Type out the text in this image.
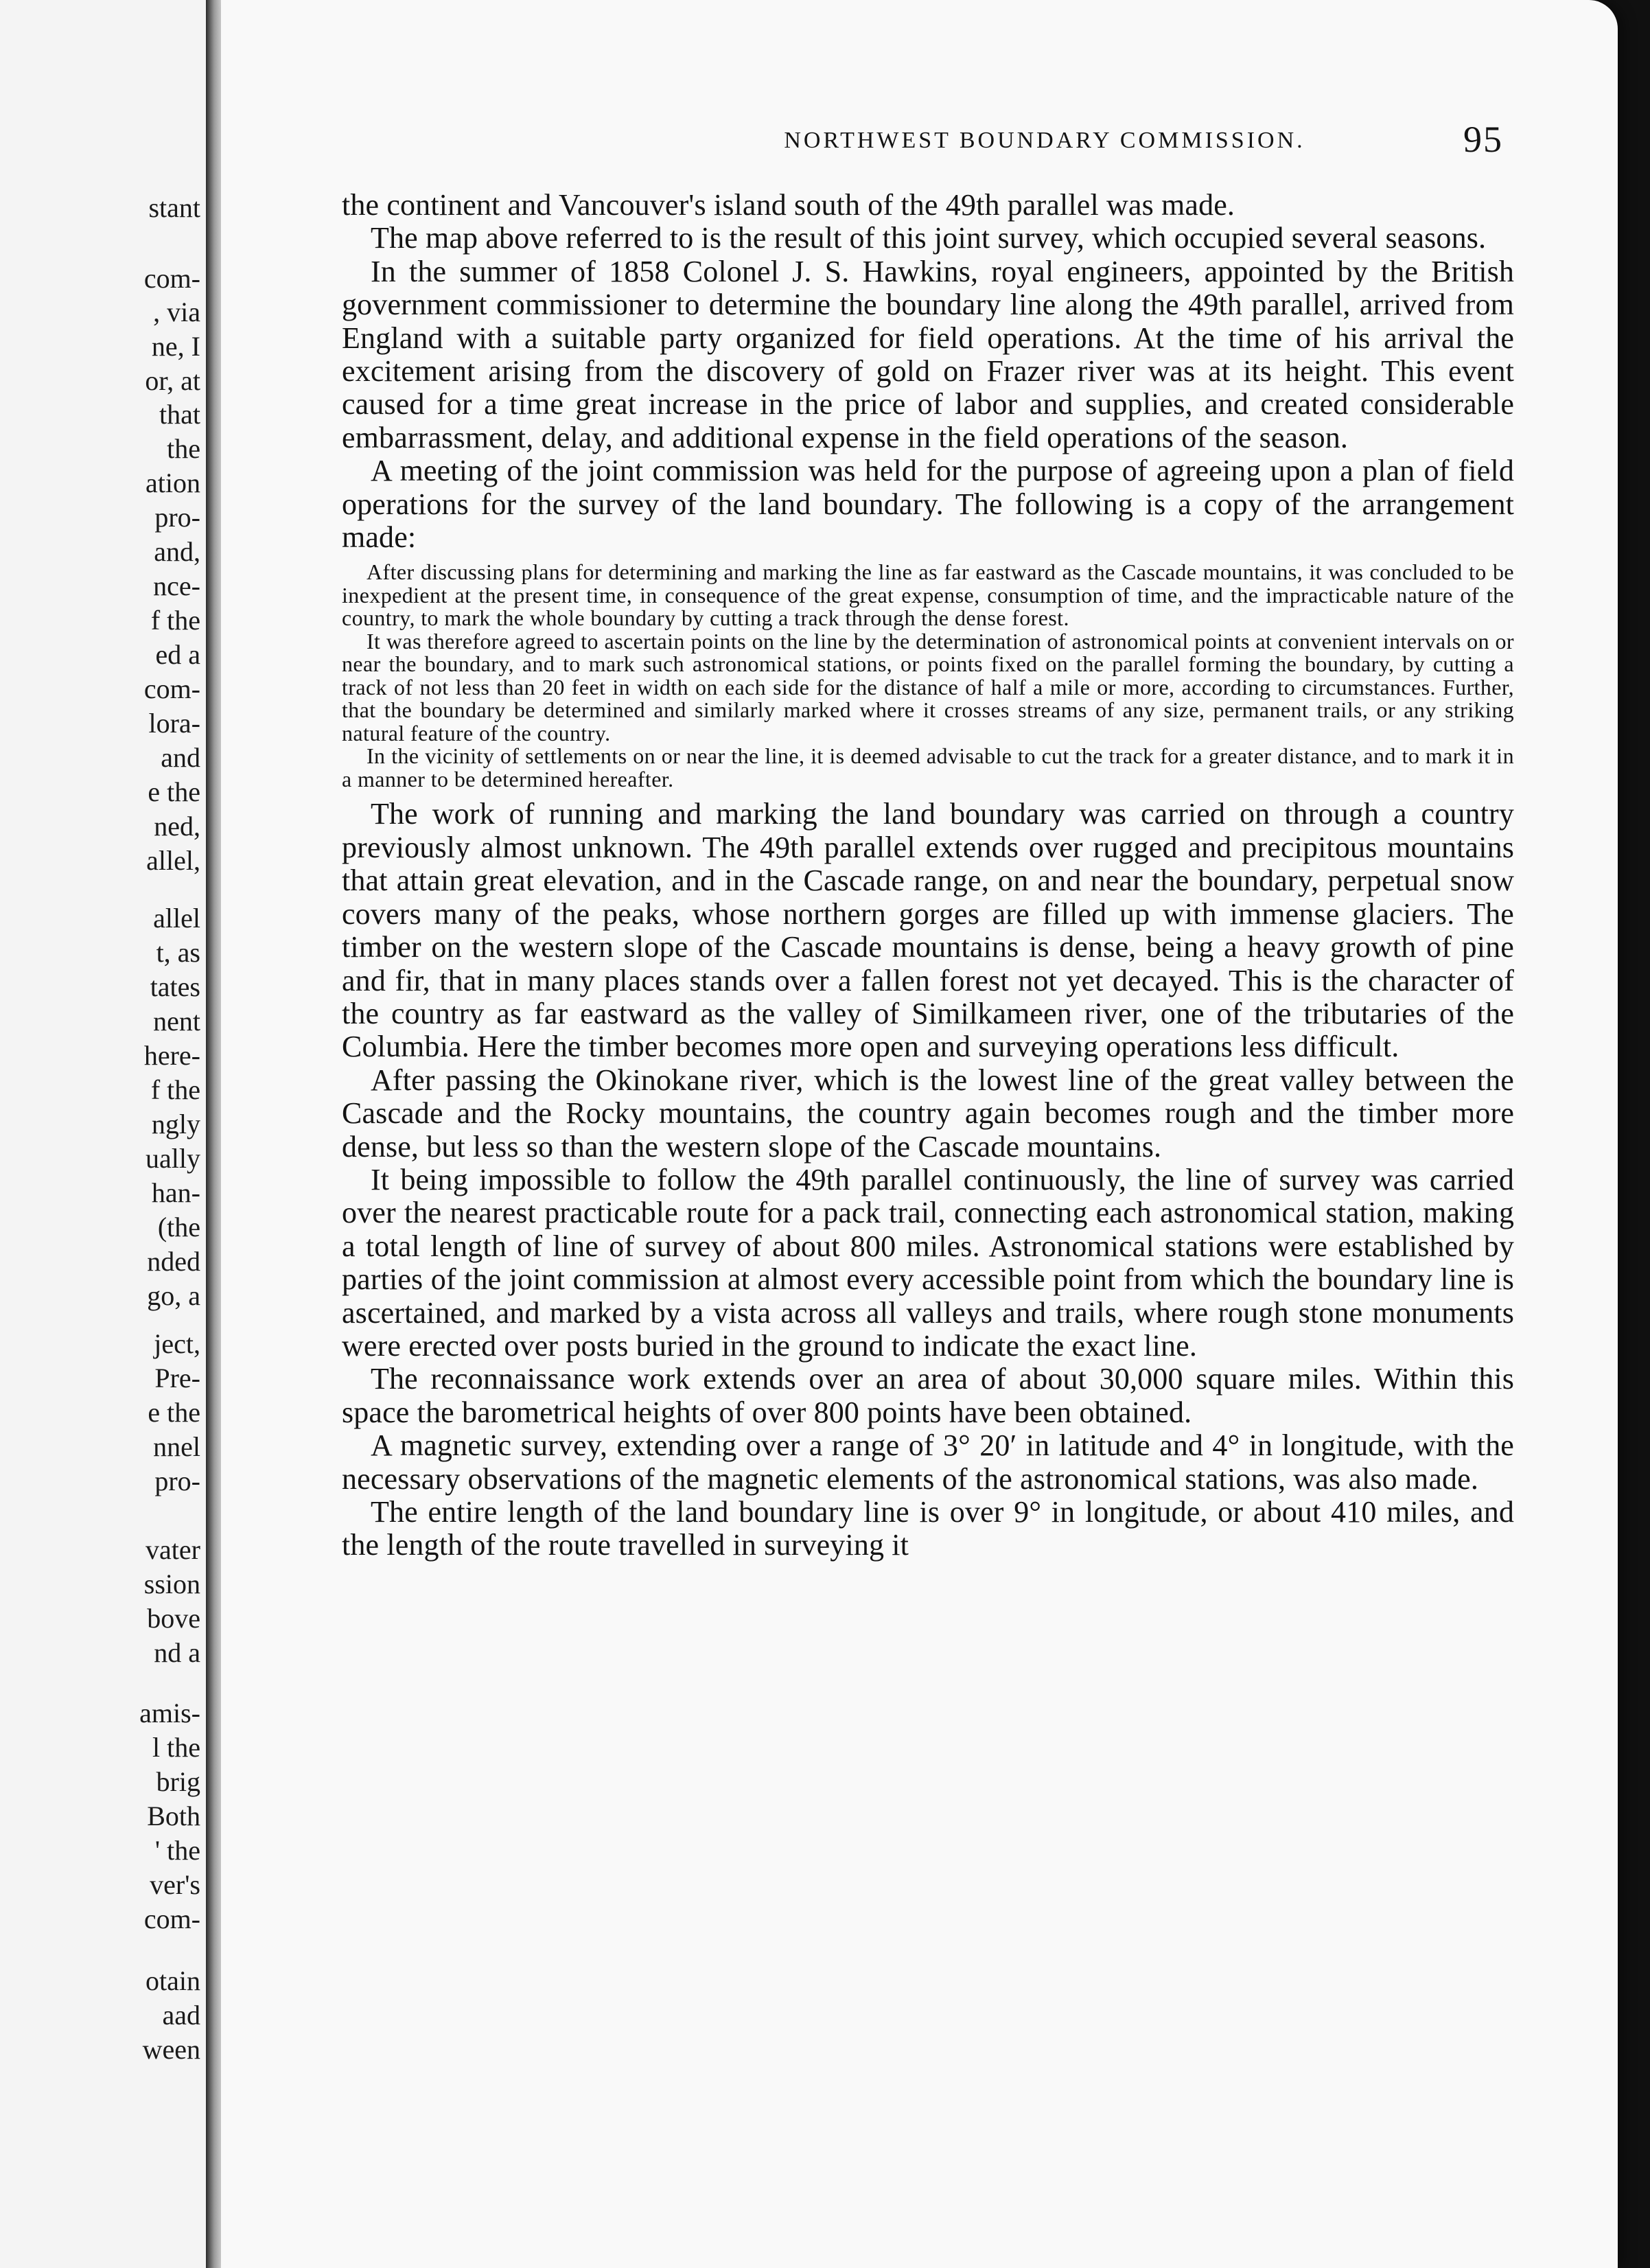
stant
com-
, via
ne, I
or, at
that
the
ation
pro-
and,
nce-
f the
ed a
com-
lora-
and
e the
ned,
allel,
allel
t, as
tates
nent
here-
f the
ngly
ually
han-
(the
nded
go, a
ject,
Pre-
e the
nnel
pro-
vater
ssion
bove
nd a
amis-
l the
brig
Both
' the
ver's
com-
otain
aad
ween
NORTHWEST BOUNDARY COMMISSION.	95

the continent and Vancouver's island south of the 49th parallel was made.

The map above referred to is the result of this joint survey, which occupied several seasons.

In the summer of 1858 Colonel J. S. Hawkins, royal engineers, appointed by the British government commissioner to determine the boundary line along the 49th parallel, arrived from England with a suitable party organized for field operations. At the time of his arrival the excitement arising from the discovery of gold on Frazer river was at its height. This event caused for a time great increase in the price of labor and supplies, and created considerable embarrassment, delay, and additional expense in the field operations of the season.

A meeting of the joint commission was held for the purpose of agreeing upon a plan of field operations for the survey of the land boundary. The following is a copy of the arrangement made:

After discussing plans for determining and marking the line as far eastward as the Cascade mountains, it was concluded to be inexpedient at the present time, in consequence of the great expense, consumption of time, and the impracticable nature of the country, to mark the whole boundary by cutting a track through the dense forest.

It was therefore agreed to ascertain points on the line by the determination of astronomical points at convenient intervals on or near the boundary, and to mark such astronomical stations, or points fixed on the parallel forming the boundary, by cutting a track of not less than 20 feet in width on each side for the distance of half a mile or more, according to circumstances. Further, that the boundary be determined and similarly marked where it crosses streams of any size, permanent trails, or any striking natural feature of the country.

In the vicinity of settlements on or near the line, it is deemed advisable to cut the track for a greater distance, and to mark it in a manner to be determined hereafter.

The work of running and marking the land boundary was carried on through a country previously almost unknown. The 49th parallel extends over rugged and precipitous mountains that attain great elevation, and in the Cascade range, on and near the boundary, perpetual snow covers many of the peaks, whose northern gorges are filled up with immense glaciers. The timber on the western slope of the Cascade mountains is dense, being a heavy growth of pine and fir, that in many places stands over a fallen forest not yet decayed. This is the character of the country as far eastward as the valley of Similkameen river, one of the tributaries of the Columbia. Here the timber becomes more open and surveying operations less difficult.

After passing the Okinokane river, which is the lowest line of the great valley between the Cascade and the Rocky mountains, the country again becomes rough and the timber more dense, but less so than the western slope of the Cascade mountains.

It being impossible to follow the 49th parallel continuously, the line of survey was carried over the nearest practicable route for a pack trail, connecting each astronomical station, making a total length of line of survey of about 800 miles. Astronomical stations were established by parties of the joint commission at almost every accessible point from which the boundary line is ascertained, and marked by a vista across all valleys and trails, where rough stone monuments were erected over posts buried in the ground to indicate the exact line.

The reconnaissance work extends over an area of about 30,000 square miles. Within this space the barometrical heights of over 800 points have been obtained.

A magnetic survey, extending over a range of 3° 20′ in latitude and 4° in longitude, with the necessary observations of the magnetic elements of the astronomical stations, was also made.

The entire length of the land boundary line is over 9° in longitude, or about 410 miles, and the length of the route travelled in surveying it
